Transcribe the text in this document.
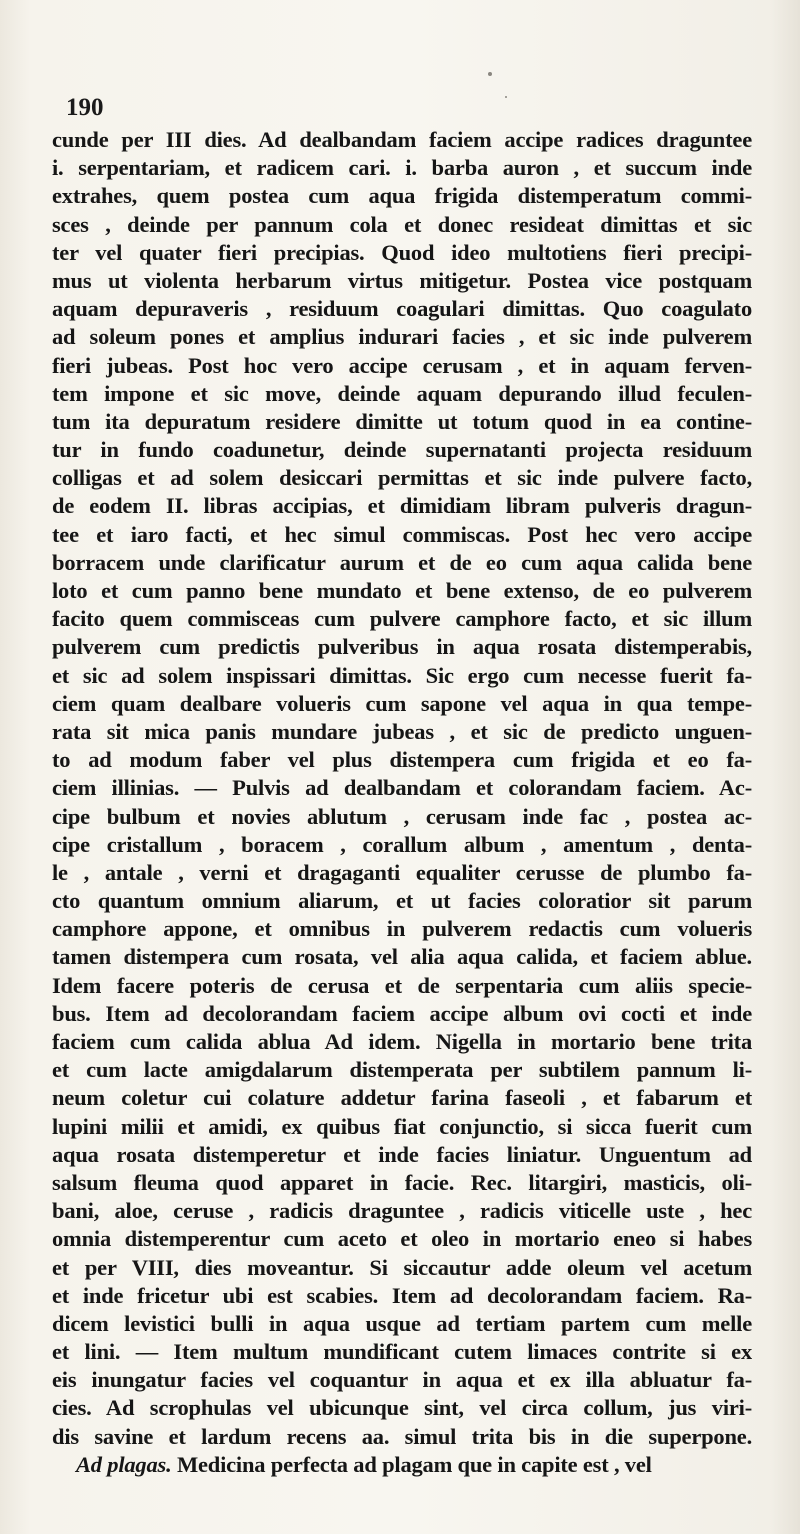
190
cunde per III dies. Ad dealbandam faciem accipe radices draguntee
i. serpentariam, et radicem cari. i. barba auron , et succum inde
extrahes, quem postea cum aqua frigida distemperatum commi-
sces , deinde per pannum cola et donec resideat dimittas et sic
ter vel quater fieri precipias. Quod ideo multotiens fieri precipi-
mus ut violenta herbarum virtus mitigetur. Postea vice postquam
aquam depuraveris , residuum coagulari dimittas. Quo coagulato
ad soleum pones et amplius indurari facies , et sic inde pulverem
fieri jubeas. Post hoc vero accipe cerusam , et in aquam ferven-
tem impone et sic move, deinde aquam depurando illud feculen-
tum ita depuratum residere dimitte ut totum quod in ea contine-
tur in fundo coadunetur, deinde supernatanti projecta residuum
colligas et ad solem desiccari permittas et sic inde pulvere facto,
de eodem II. libras accipias, et dimidiam libram pulveris dragun-
tee et iaro facti, et hec simul commiscas. Post hec vero accipe
borracem unde clarificatur aurum et de eo cum aqua calida bene
loto et cum panno bene mundato et bene extenso, de eo pulverem
facito quem commisceas cum pulvere camphore facto, et sic illum
pulverem cum predictis pulveribus in aqua rosata distemperabis,
et sic ad solem inspissari dimittas. Sic ergo cum necesse fuerit fa-
ciem quam dealbare volueris cum sapone vel aqua in qua tempe-
rata sit mica panis mundare jubeas , et sic de predicto unguen-
to ad modum faber vel plus distempera cum frigida et eo fa-
ciem illinias. — Pulvis ad dealbandam et colorandam faciem. Ac-
cipe bulbum et novies ablutum , cerusam inde fac , postea ac-
cipe cristallum , boracem , corallum album , amentum , denta-
le , antale , verni et dragaganti equaliter cerusse de plumbo fa-
cto quantum omnium aliarum, et ut facies coloratior sit parum
camphore appone, et omnibus in pulverem redactis cum volueris
tamen distempera cum rosata, vel alia aqua calida, et faciem ablue.
Idem facere poteris de cerusa et de serpentaria cum aliis specie-
bus. Item ad decolorandam faciem accipe album ovi cocti et inde
faciem cum calida ablua Ad idem. Nigella in mortario bene trita
et cum lacte amigdalarum distemperata per subtilem pannum li-
neum coletur cui colature addetur farina faseoli , et fabarum et
lupini milii et amidi, ex quibus fiat conjunctio, si sicca fuerit cum
aqua rosata distemperetur et inde facies liniatur. Unguentum ad
salsum fleuma quod apparet in facie. Rec. litargiri, masticis, oli-
bani, aloe, ceruse , radicis draguntee , radicis viticelle uste , hec
omnia distemperentur cum aceto et oleo in mortario eneo si habes
et per VIII, dies moveantur. Si siccautur adde oleum vel acetum
et inde fricetur ubi est scabies. Item ad decolorandam faciem. Ra-
dicem levistici bulli in aqua usque ad tertiam partem cum melle
et lini. — Item multum mundificant cutem limaces contrite si ex
eis inungatur facies vel coquantur in aqua et ex illa abluatur fa-
cies. Ad scrophulas vel ubicunque sint, vel circa collum, jus viri-
dis savine et lardum recens aa. simul trita bis in die superpone.
Ad plagas. Medicina perfecta ad plagam que in capite est , vel
